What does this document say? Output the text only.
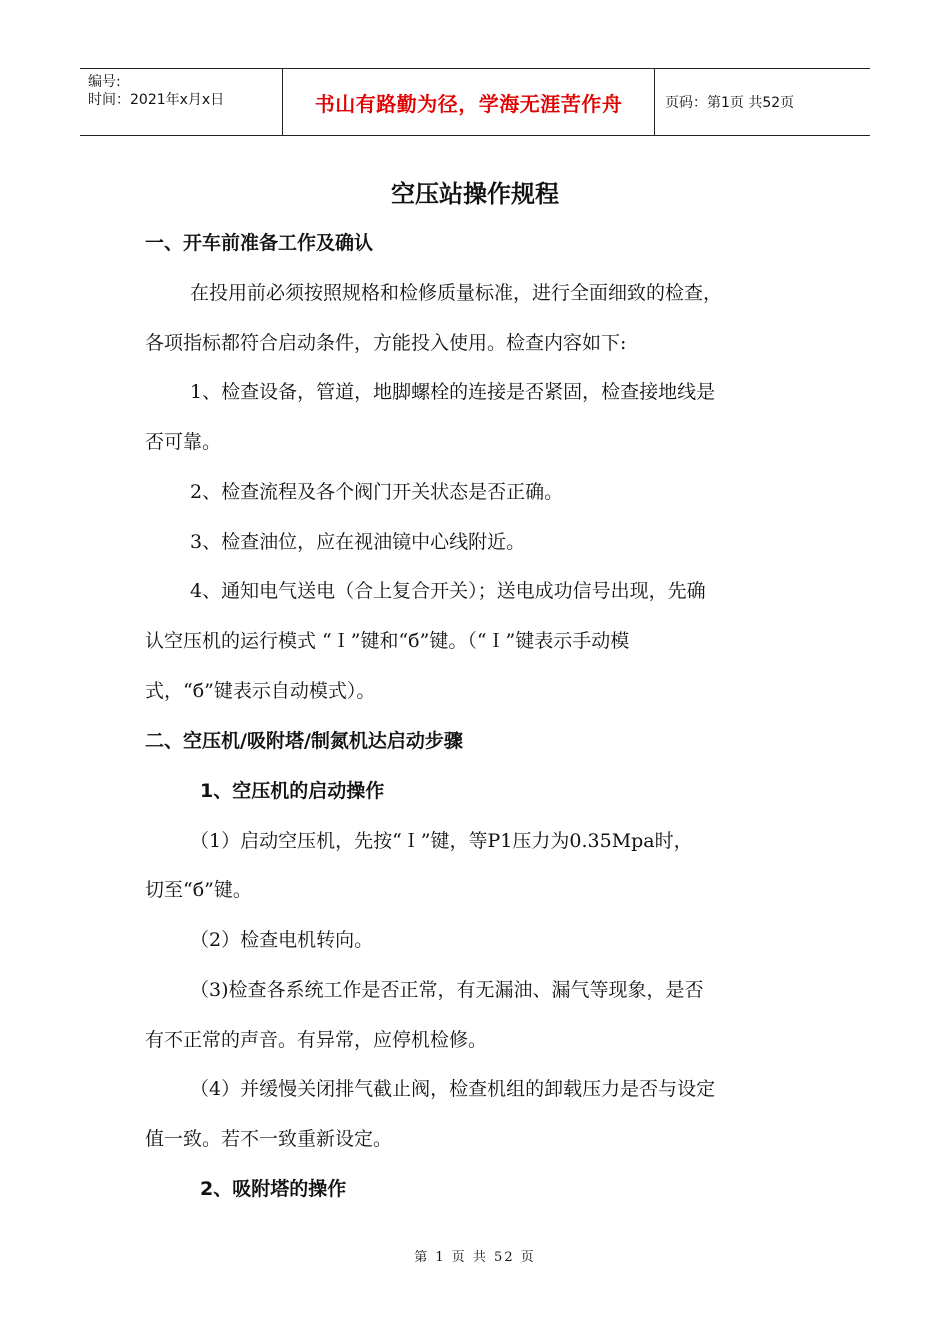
编号:
时间：2021年x月x日	书山有路勤为径，学海无涯苦作舟	页码：第1页 共52页
空压站操作规程
一、开车前准备工作及确认
在投用前必须按照规格和检修质量标准，进行全面细致的检查，
各项指标都符合启动条件，方能投入使用。检查内容如下:
1、检查设备，管道，地脚螺栓的连接是否紧固，检查接地线是
否可靠。
2、检查流程及各个阀门开关状态是否正确。
3、检查油位，应在视油镜中心线附近。
4、通知电气送电（合上复合开关）；送电成功信号出现，先确
认空压机的运行模式 “Ｉ”键和“б”键。（“Ｉ”键表示手动模
式，“б”键表示自动模式）。
二、空压机/吸附塔/制氮机达启动步骤
1、空压机的启动操作
（1）启动空压机，先按“Ｉ”键，等P1压力为0.35Mpa时，
切至“б”键。
（2）检查电机转向。
（3)检查各系统工作是否正常，有无漏油、漏气等现象，是否
有不正常的声音。有异常，应停机检修。
（4）并缓慢关闭排气截止阀，检查机组的卸载压力是否与设定
值一致。若不一致重新设定。
2、吸附塔的操作
第 1 页 共 52 页
